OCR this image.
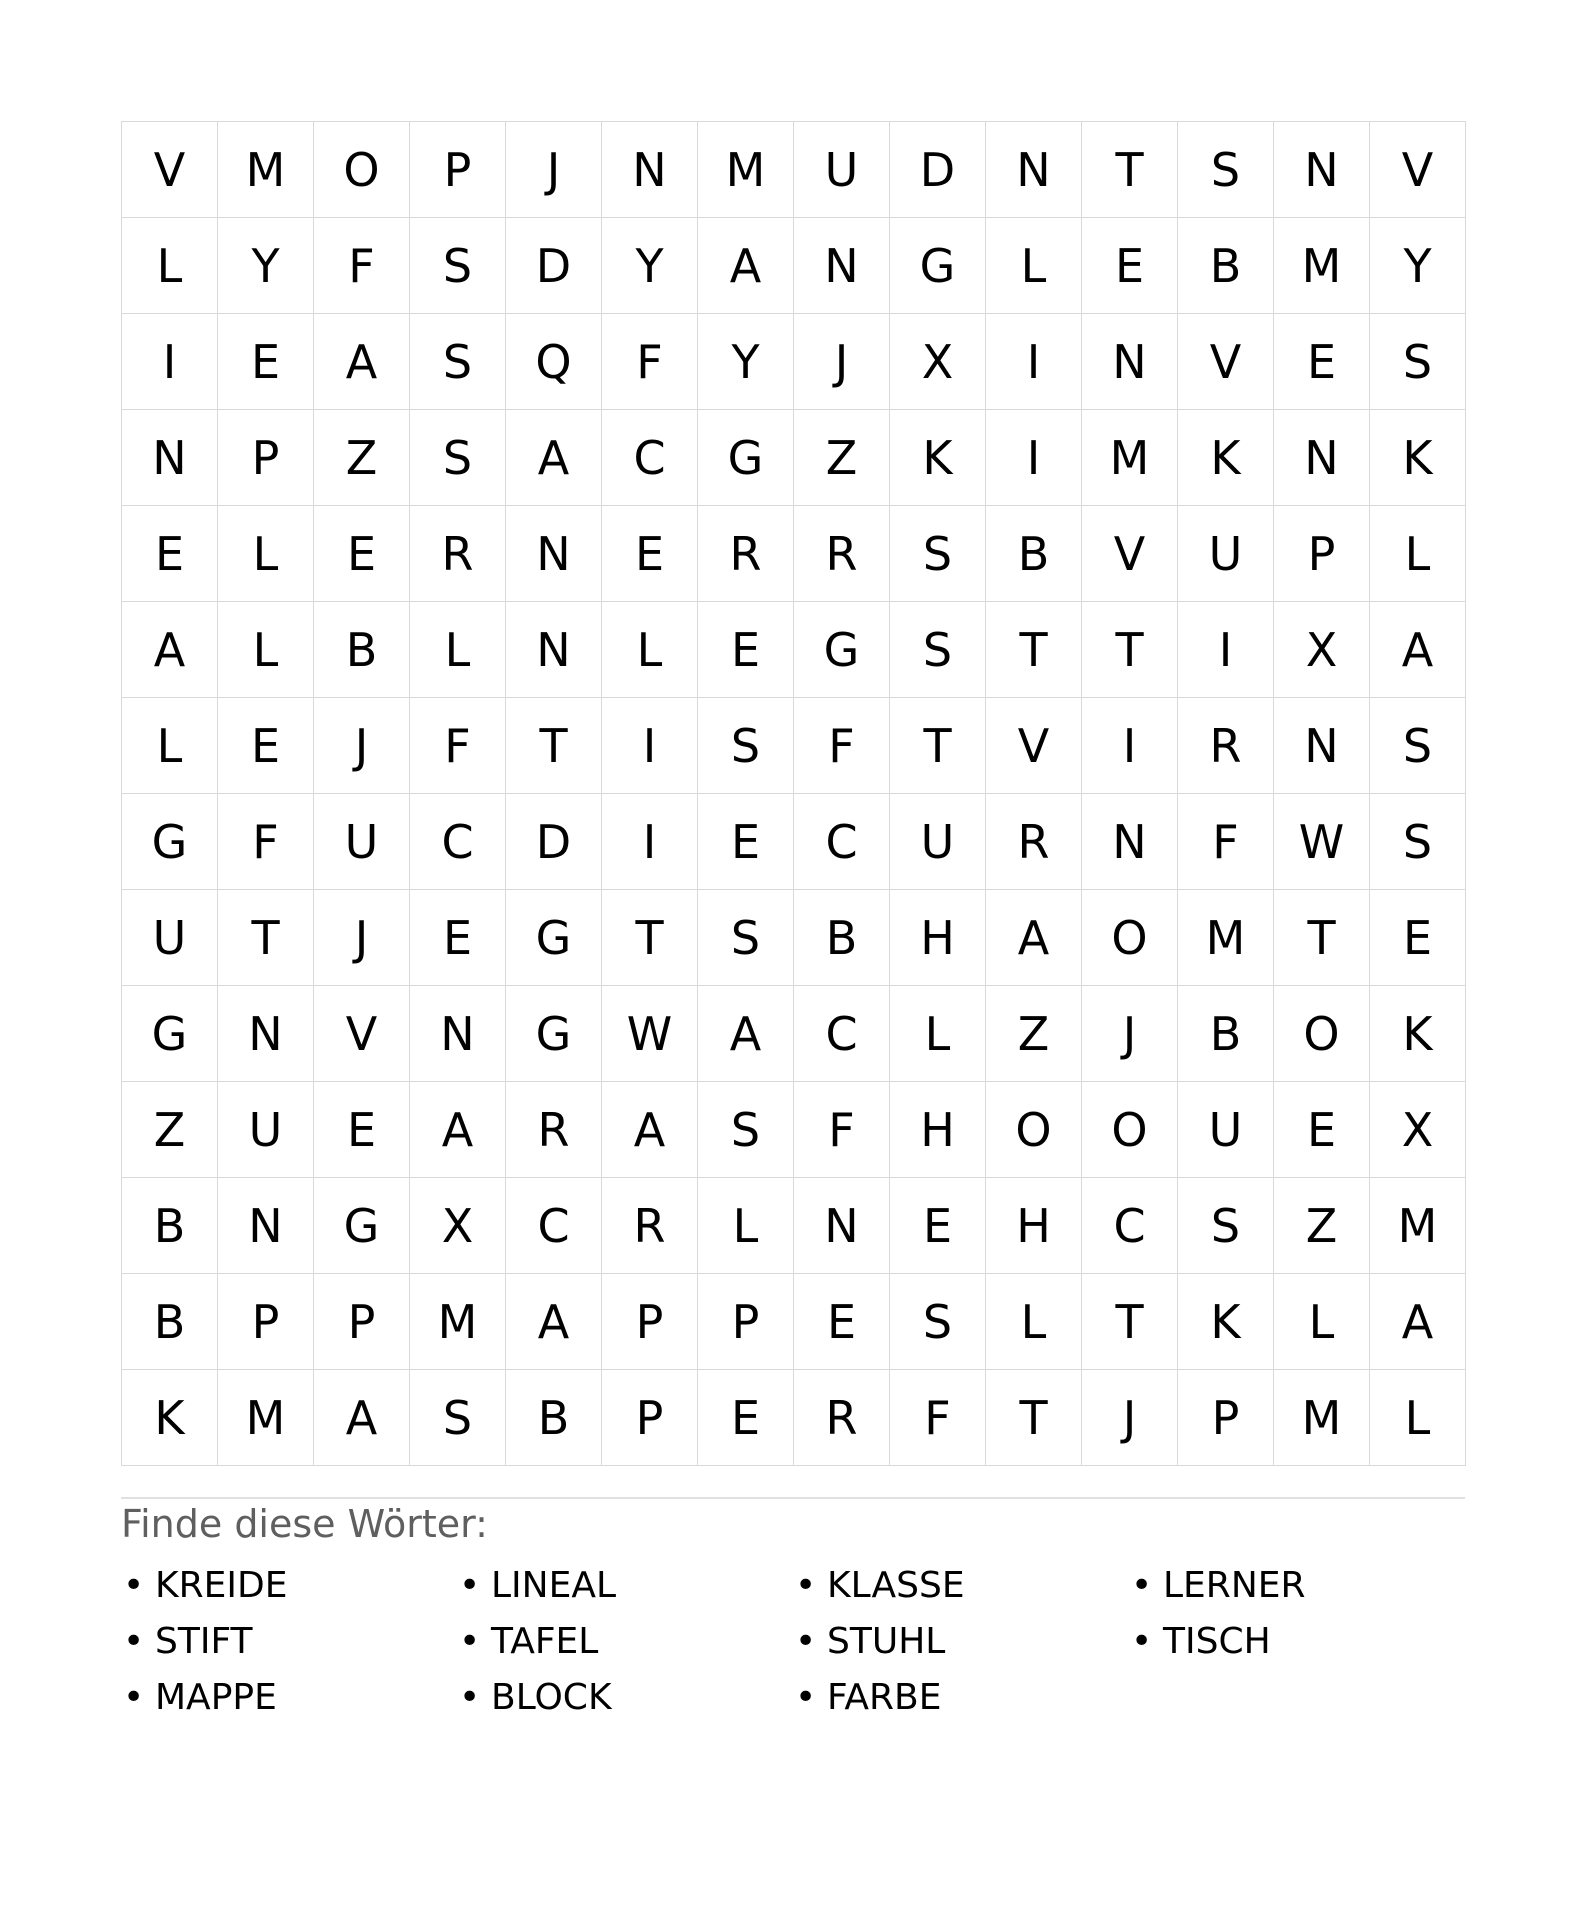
V	M	O	P	J	N	M	U	D	N	T	S	N	V
L	Y	F	S	D	Y	A	N	G	L	E	B	M	Y
I	E	A	S	Q	F	Y	J	X	I	N	V	E	S
N	P	Z	S	A	C	G	Z	K	I	M	K	N	K
E	L	E	R	N	E	R	R	S	B	V	U	P	L
A	L	B	L	N	L	E	G	S	T	T	I	X	A
L	E	J	F	T	I	S	F	T	V	I	R	N	S
G	F	U	C	D	I	E	C	U	R	N	F	W	S
U	T	J	E	G	T	S	B	H	A	O	M	T	E
G	N	V	N	G	W	A	C	L	Z	J	B	O	K
Z	U	E	A	R	A	S	F	H	O	O	U	E	X
B	N	G	X	C	R	L	N	E	H	C	S	Z	M
B	P	P	M	A	P	P	E	S	L	T	K	L	A
K	M	A	S	B	P	E	R	F	T	J	P	M	L
Finde diese Wörter:
• KREIDE	• LINEAL	• KLASSE	• LERNER
• STIFT	• TAFEL	• STUHL	• TISCH
• MAPPE	• BLOCK	• FARBE
